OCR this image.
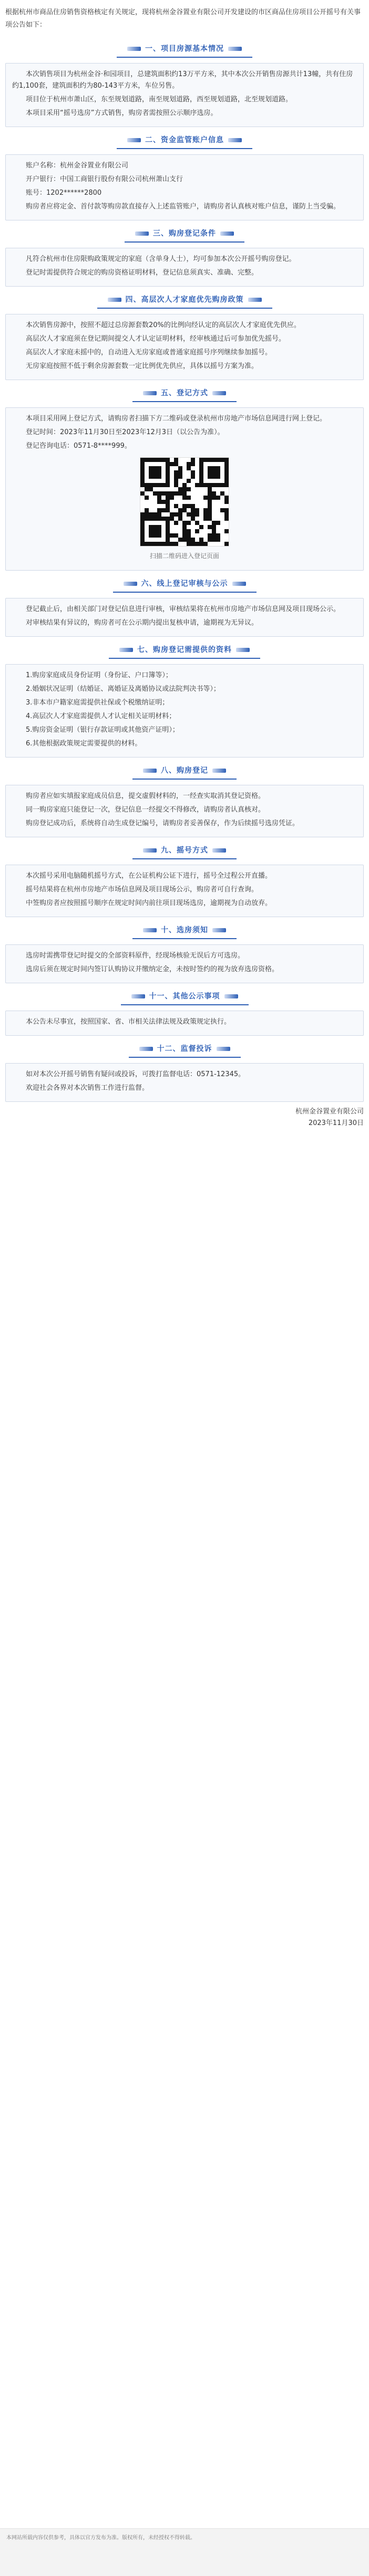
根据杭州市商品住房销售资格核定有关规定，现将杭州金谷置业有限公司开发建设的市区商品住房项目公开摇号有关事项公告如下：
一、项目房源基本情况

本次销售项目为杭州金谷·和园项目，总建筑面积约13万平方米，其中本次公开销售房源共计13幢，共有住房约1,100套，建筑面积约为80-143平方米，车位另售。

项目位于杭州市萧山区，东至规划道路，南至规划道路，西至规划道路，北至规划道路。

本项目采用“摇号选房”方式销售，购房者需按照公示顺序选房。

二、资金监管账户信息

账户名称：杭州金谷置业有限公司

开户银行：中国工商银行股份有限公司杭州萧山支行

账号：1202******2800

购房者应将定金、首付款等购房款直接存入上述监管账户，请购房者认真核对账户信息，谨防上当受骗。

三、购房登记条件

凡符合杭州市住房限购政策规定的家庭（含单身人士），均可参加本次公开摇号购房登记。

登记时需提供符合规定的购房资格证明材料，登记信息须真实、准确、完整。

四、高层次人才家庭优先购房政策

本次销售房源中，按照不超过总房源套数20%的比例向经认定的高层次人才家庭优先供应。

高层次人才家庭须在登记期间提交人才认定证明材料，经审核通过后可参加优先摇号。

高层次人才家庭未摇中的，自动进入无房家庭或普通家庭摇号序列继续参加摇号。

无房家庭按照不低于剩余房源套数一定比例优先供应，具体以摇号方案为准。

五、登记方式

本项目采用网上登记方式，请购房者扫描下方二维码或登录杭州市房地产市场信息网进行网上登记。

登记时间：2023年11月30日至2023年12月3日（以公告为准）。

登记咨询电话：0571-8****999。

扫描二维码进入登记页面
六、线上登记审核与公示

登记截止后，由相关部门对登记信息进行审核，审核结果将在杭州市房地产市场信息网及项目现场公示。

对审核结果有异议的，购房者可在公示期内提出复核申请，逾期视为无异议。

七、购房登记需提供的资料

1.购房家庭成员身份证明（身份证、户口簿等）；

2.婚姻状况证明（结婚证、离婚证及离婚协议或法院判决书等）；

3.非本市户籍家庭需提供社保或个税缴纳证明；

4.高层次人才家庭需提供人才认定相关证明材料；

5.购房资金证明（银行存款证明或其他资产证明）；

6.其他根据政策规定需要提供的材料。

八、购房登记

购房者应如实填报家庭成员信息，提交虚假材料的，一经查实取消其登记资格。

同一购房家庭只能登记一次，登记信息一经提交不得修改，请购房者认真核对。

购房登记成功后，系统将自动生成登记编号，请购房者妥善保存，作为后续摇号选房凭证。

九、摇号方式

本次摇号采用电脑随机摇号方式，在公证机构公证下进行，摇号全过程公开直播。

摇号结果将在杭州市房地产市场信息网及项目现场公示，购房者可自行查询。

中签购房者应按照摇号顺序在规定时间内前往项目现场选房，逾期视为自动放弃。

十、选房须知

选房时需携带登记时提交的全部资料原件，经现场核验无误后方可选房。

选房后须在规定时间内签订认购协议并缴纳定金，未按时签约的视为放弃选房资格。

十一、其他公示事项

本公告未尽事宜，按照国家、省、市相关法律法规及政策规定执行。

十二、监督投诉

如对本次公开摇号销售有疑问或投诉，可拨打监督电话：0571-12345。

欢迎社会各界对本次销售工作进行监督。

杭州金谷置业有限公司
2023年11月30日
本网站所载内容仅供参考，具体以官方发布为准。版权所有，未经授权不得转载。
